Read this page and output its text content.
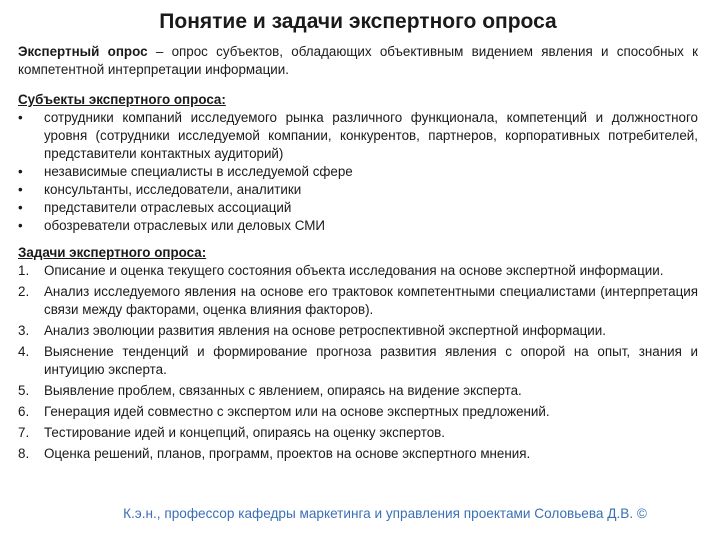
Понятие и задачи экспертного опроса
Экспертный опрос – опрос субъектов, обладающих объективным видением явления и способных к компетентной интерпретации информации.
Субъекты экспертного опроса:
•	сотрудники компаний исследуемого рынка различного функционала, компетенций и должностного уровня (сотрудники исследуемой компании, конкурентов, партнеров, корпоративных потребителей, представители контактных аудиторий)
•	независимые специалисты в исследуемой сфере
•	консультанты, исследователи, аналитики
•	представители отраслевых ассоциаций
•	обозреватели отраслевых или деловых СМИ
Задачи экспертного опроса:
1.	Описание и оценка текущего состояния объекта исследования на основе экспертной информации.
2.	Анализ исследуемого явления на основе его трактовок компетентными специалистами (интерпретация связи между факторами, оценка влияния факторов).
3.	Анализ эволюции развития явления на основе ретроспективной экспертной информации.
4.	Выяснение тенденций и формирование прогноза развития явления с опорой на опыт, знания и интуицию эксперта.
5.	Выявление проблем, связанных с явлением, опираясь на видение эксперта.
6.	Генерация идей совместно с экспертом или на основе экспертных предложений.
7.	Тестирование идей и концепций, опираясь на оценку экспертов.
8.	Оценка решений, планов, программ, проектов на основе экспертного мнения.
К.э.н., профессор кафедры маркетинга и управления проектами Соловьева Д.В. ©
